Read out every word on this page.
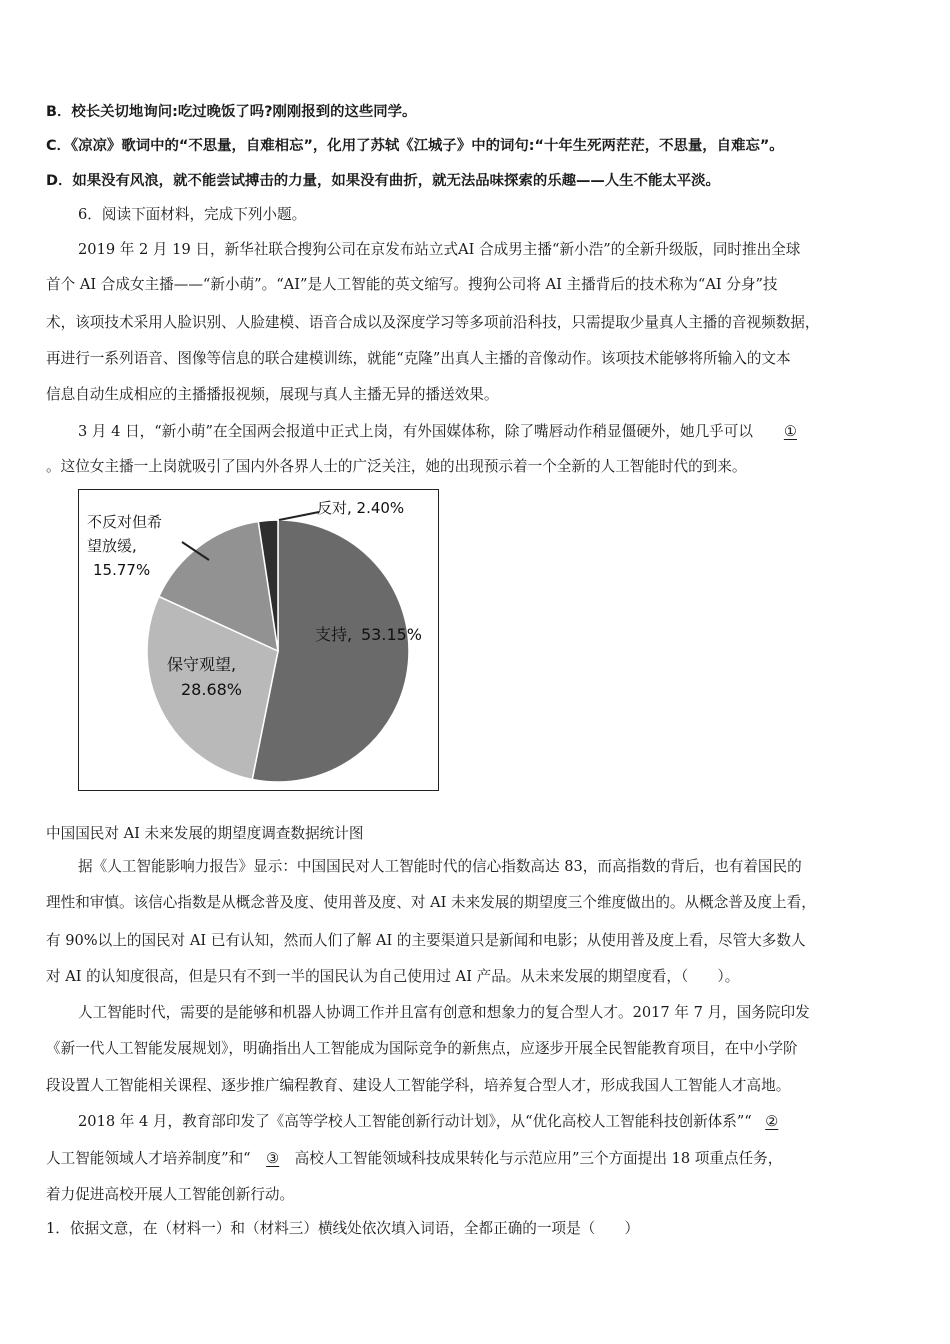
B．校长关切地询问:吃过晚饭了吗?刚刚报到的这些同学。
C．《凉凉》歌词中的“不思量，自难相忘”，化用了苏轼《江城子》中的词句:“十年生死两茫茫，不思量，自难忘”。
D．如果没有风浪，就不能尝试搏击的力量，如果没有曲折，就无法品味探索的乐趣——人生不能太平淡。
6．阅读下面材料，完成下列小题。
2019 年 2 月 19 日，新华社联合搜狗公司在京发布站立式AI 合成男主播“新小浩”的全新升级版，同时推出全球
首个 AI 合成女主播——“新小萌”。“AI”是人工智能的英文缩写。搜狗公司将 AI 主播背后的技术称为“AI 分身”技
术，该项技术采用人脸识别、人脸建模、语音合成以及深度学习等多项前沿科技，只需提取少量真人主播的音视频数据，
再进行一系列语音、图像等信息的联合建模训练，就能“克隆”出真人主播的音像动作。该项技术能够将所输入的文本
信息自动生成相应的主播播报视频，展现与真人主播无异的播送效果。
3 月 4 日，“新小萌”在全国两会报道中正式上岗，有外国媒体称，除了嘴唇动作稍显僵硬外，她几乎可以 ①
。这位女主播一上岗就吸引了国内外各界人士的广泛关注，她的出现预示着一个全新的人工智能时代的到来。
反对, 2.40%
不反对但希
望放缓,
15.77%
支持, 53.15%
保守观望,
28.68%
中国国民对 AI 未来发展的期望度调查数据统计图
据《人工智能影响力报告》显示：中国国民对人工智能时代的信心指数高达 83，而高指数的背后，也有着国民的
理性和审慎。该信心指数是从概念普及度、使用普及度、对 AI 未来发展的期望度三个维度做出的。从概念普及度上看，
有 90%以上的国民对 AI 已有认知，然而人们了解 AI 的主要渠道只是新闻和电影；从使用普及度上看，尽管大多数人
对 AI 的认知度很高，但是只有不到一半的国民认为自己使用过 AI 产品。从未来发展的期望度看，（　　）。
人工智能时代，需要的是能够和机器人协调工作并且富有创意和想象力的复合型人才。2017 年 7 月，国务院印发
《新一代人工智能发展规划》，明确指出人工智能成为国际竞争的新焦点，应逐步开展全民智能教育项目，在中小学阶
段设置人工智能相关课程、逐步推广编程教育、建设人工智能学科，培养复合型人才，形成我国人工智能人才高地。
2018 年 4 月，教育部印发了《高等学校人工智能创新行动计划》，从“优化高校人工智能科技创新体系”“ ②
人工智能领域人才培养制度”和“ ③ 高校人工智能领域科技成果转化与示范应用”三个方面提出 18 项重点任务，
着力促进高校开展人工智能创新行动。
1．依据文意，在（材料一）和（材料三）横线处依次填入词语，全都正确的一项是（　　）
